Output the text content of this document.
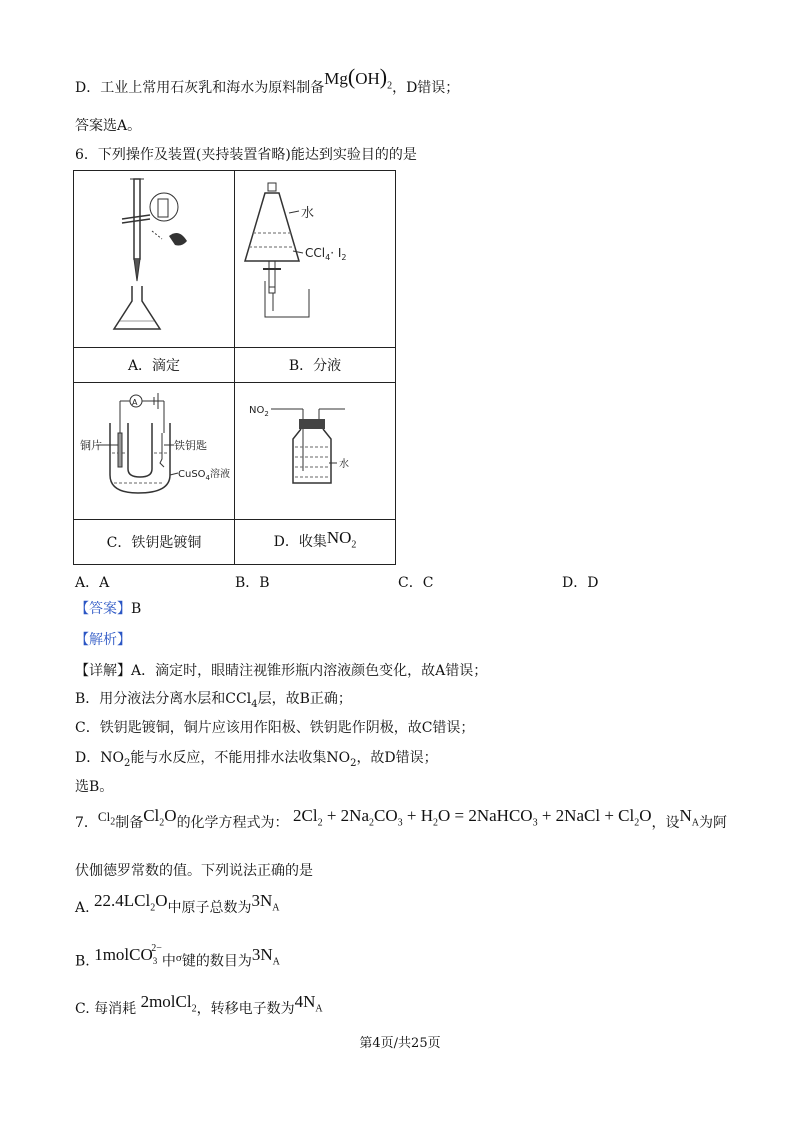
D．工业上常用石灰乳和海水为原料制备$Mg(OH)_2$，D错误；
答案选A。
6．下列操作及装置(夹持装置省略)能达到实验目的的是

水
$CCl_4\cdot I_2$

A．滴定	B．分液

A
铜片 铁钥匙
CuSO$_4$溶液	$NO_2$
水

C．铁钥匙镀铜	D．收集$NO_2$
A．A	B．B	C．C	D．D
【答案】B
【解析】
【详解】A．滴定时，眼睛注视锥形瓶内溶液颜色变化，故A错误；
B．用分液法分离水层和CCl$_4$层，故B正确；
C．铁钥匙镀铜，铜片应该用作阳极、铁钥匙作阴极，故C错误；
D．$NO_2$能与水反应，不能用排水法收集$NO_2$，故D错误；
选B。
7．$Cl_2$制备$Cl_2O$的化学方程式为： $2Cl_2 + 2Na_2CO_3 + H_2O$ = 2NaHCO$_3$ + 2NaCl + $Cl_2O$，设$N_A$为阿
伏伽德罗常数的值。下列说法正确的是
A. 22.4LCl$_2$O中原子总数为$3N_A$
B. 1molCO$_3^{2-}$中$^\sigma$键的数目为$3N_A$
C. 每消耗 2molCl$_2$，转移电子数为$4N_A$
第4页/共25页
